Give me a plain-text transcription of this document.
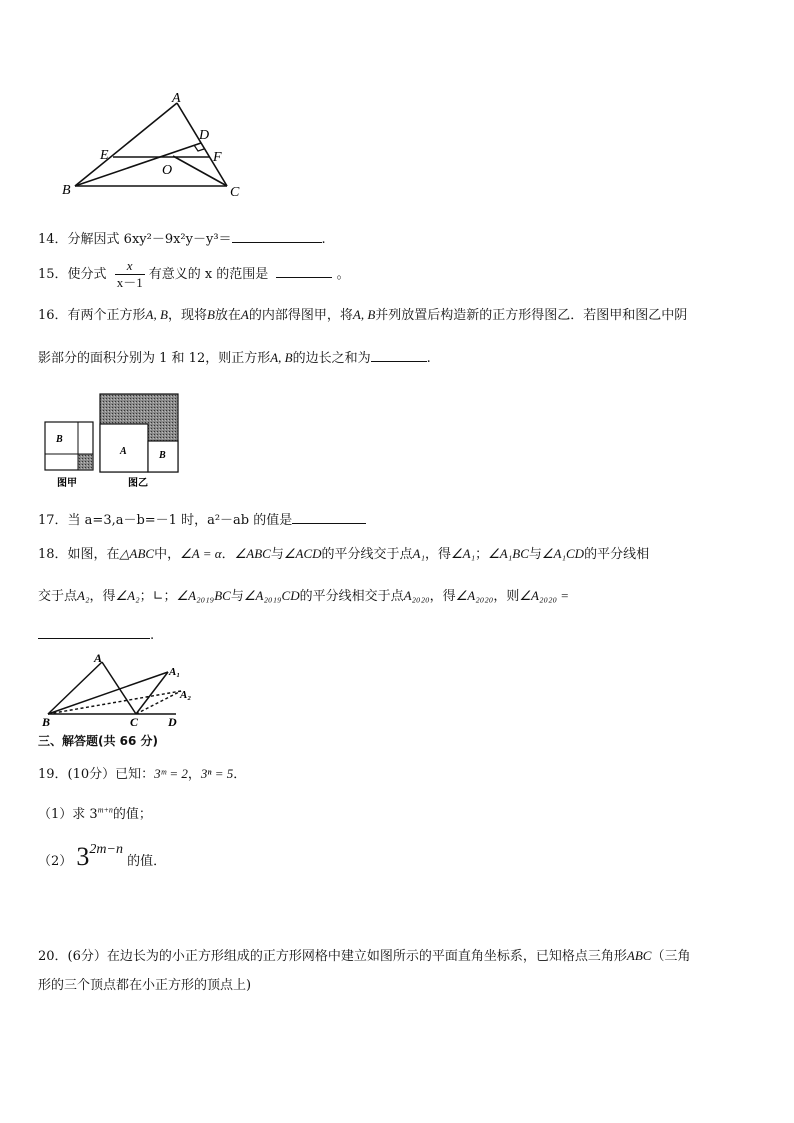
A
D
E	F
O
B	C
14．分解因式 6xy²－9x²y－y³＝	.
15．使分式 $\frac{x}{x-1}$ 有意义的 x 的范围是	。
16．有两个正方形A, B，现将B放在A的内部得图甲，将A, B并列放置后构造新的正方形得图乙．若图甲和图乙中阴
影部分的面积分别为 1 和 12，则正方形A, B的边长之和为	.
B
A	B
图甲	图乙
17．当 a=3,a－b=－1 时，a²－ab 的值是
18．如图，在△ABC中，∠A = α．∠ABC与∠ACD的平分线交于点A₁，得∠A₁；∠A₁BC与∠A₁CD的平分线相
交于点A₂，得∠A₂；∟；∠A₂₀₁₉BC与∠A₂₀₁₉CD的平分线相交于点A₂₀₂₀，得∠A₂₀₂₀，则∠A₂₀₂₀ =
.
A
A₁
A₂
B	C D
三、解答题(共 66 分)
19．(10分）已知：3ᵐ = 2，3ⁿ = 5．
（1）求 $3^{m+n}$的值；
（2） $3^{2m-n}$ 的值．
20．(6分）在边长为的小正方形组成的正方形网格中建立如图所示的平面直角坐标系，已知格点三角形ABC（三角
形的三个顶点都在小正方形的顶点上)
